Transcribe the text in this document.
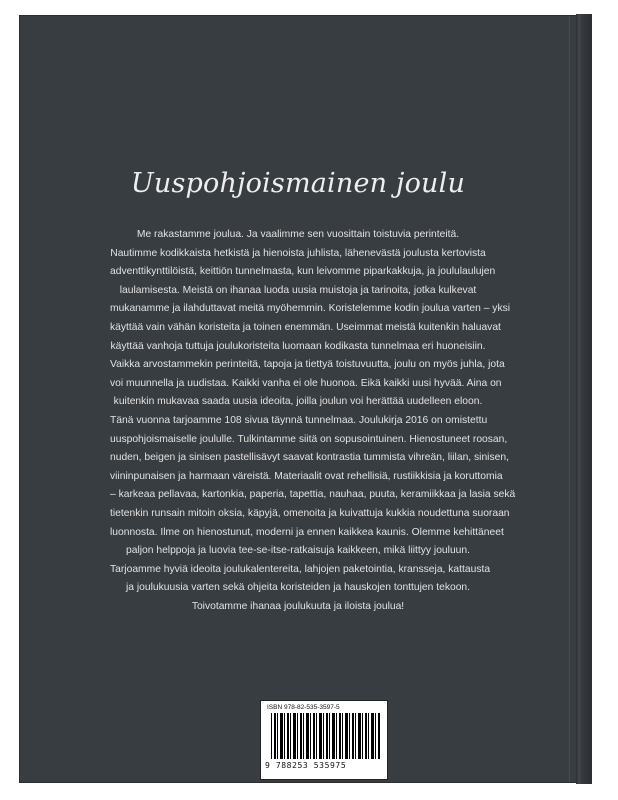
Uuspohjoismainen joulu
Me rakastamme joulua. Ja vaalimme sen vuosittain toistuvia perinteitä.
Nautimme kodikkaista hetkistä ja hienoista juhlista, lähenevästä joulusta kertovista
adventtikynttilöistä, keittiön tunnelmasta, kun leivomme piparkakkuja, ja joululaulujen
laulamisesta. Meistä on ihanaa luoda uusia muistoja ja tarinoita, jotka kulkevat
mukanamme ja ilahduttavat meitä myöhemmin. Koristelemme kodin joulua varten – yksi
käyttää vain vähän koristeita ja toinen enemmän. Useimmat meistä kuitenkin haluavat
käyttää vanhoja tuttuja joulukoristeita luomaan kodikasta tunnelmaa eri huoneisiin.
Vaikka arvostammekin perinteitä, tapoja ja tiettyä toistuvuutta, joulu on myös juhla, jota
voi muunnella ja uudistaa. Kaikki vanha ei ole huonoa. Eikä kaikki uusi hyvää. Aina on
kuitenkin mukavaa saada uusia ideoita, joilla joulun voi herättää uudelleen eloon.
Tänä vuonna tarjoamme 108 sivua täynnä tunnelmaa. Joulukirja 2016 on omistettu
uuspohjoismaiselle joululle. Tulkintamme siitä on sopusointuinen. Hienostuneet roosan,
nuden, beigen ja sinisen pastellisävyt saavat kontrastia tummista vihreän, liilan, sinisen,
viininpunaisen ja harmaan väreistä. Materiaalit ovat rehellisiä, rustiikkisia ja koruttomia
– karkeaa pellavaa, kartonkia, paperia, tapettia, nauhaa, puuta, keramiikkaa ja lasia sekä
tietenkin runsain mitoin oksia, käpyjä, omenoita ja kuivattuja kukkia noudettuna suoraan
luonnosta. Ilme on hienostunut, moderni ja ennen kaikkea kaunis. Olemme kehittäneet
paljon helppoja ja luovia tee-se-itse-ratkaisuja kaikkeen, mikä liittyy jouluun.
Tarjoamme hyviä ideoita joulukalentereita, lahjojen paketointia, kransseja, kattausta
ja joulukuusia varten sekä ohjeita koristeiden ja hauskojen tonttujen tekoon.
Toivotamme ihanaa joulukuuta ja iloista joulua!
ISBN 978-82-535-3597-5
9 788253 535975
